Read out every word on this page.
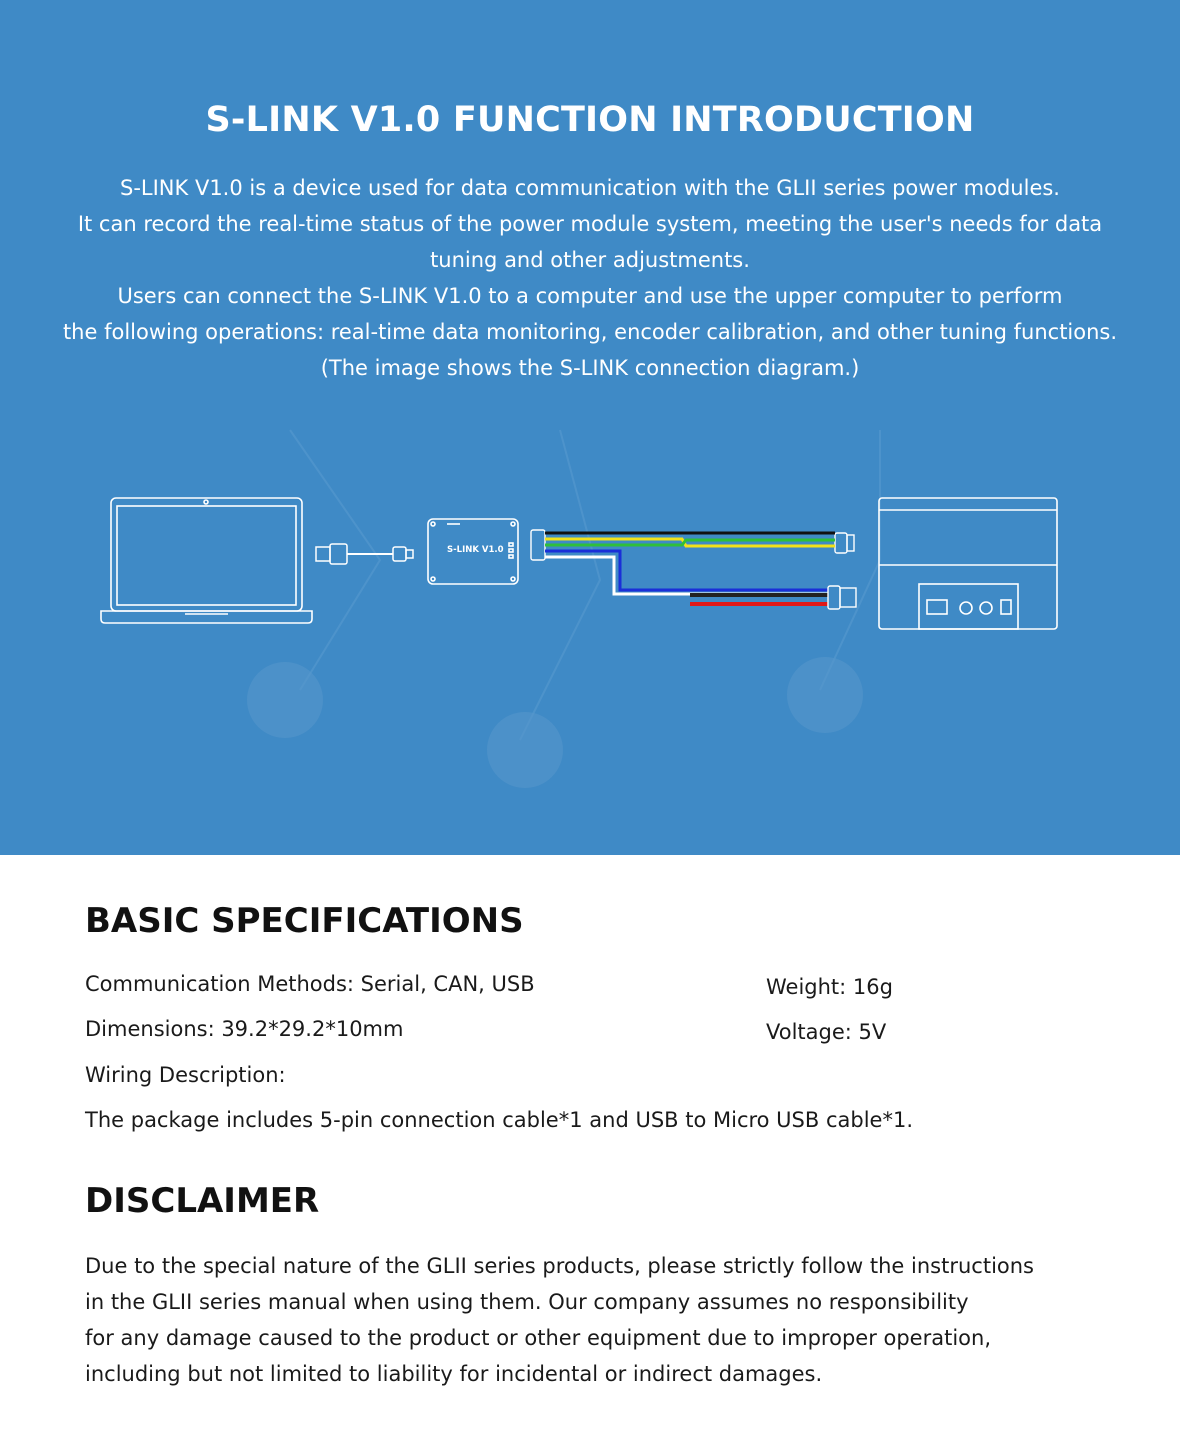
S-LINK V1.0 FUNCTION INTRODUCTION
S-LINK V1.0 is a device used for data communication with the GLII series power modules.
It can record the real-time status of the power module system, meeting the user's needs for data
tuning and other adjustments.
Users can connect the S-LINK V1.0 to a computer and use the upper computer to perform
the following operations: real-time data monitoring, encoder calibration, and other tuning functions.
(The image shows the S-LINK connection diagram.)
S-LINK V1.0
BASIC SPECIFICATIONS
Communication Methods: Serial, CAN, USB
Dimensions: 39.2*29.2*10mm
Wiring Description:
The package includes 5-pin connection cable*1 and USB to Micro USB cable*1.
Weight: 16g
Voltage: 5V
DISCLAIMER
Due to the special nature of the GLII series products, please strictly follow the instructions
in the GLII series manual when using them. Our company assumes no responsibility
for any damage caused to the product or other equipment due to improper operation,
including but not limited to liability for incidental or indirect damages.
